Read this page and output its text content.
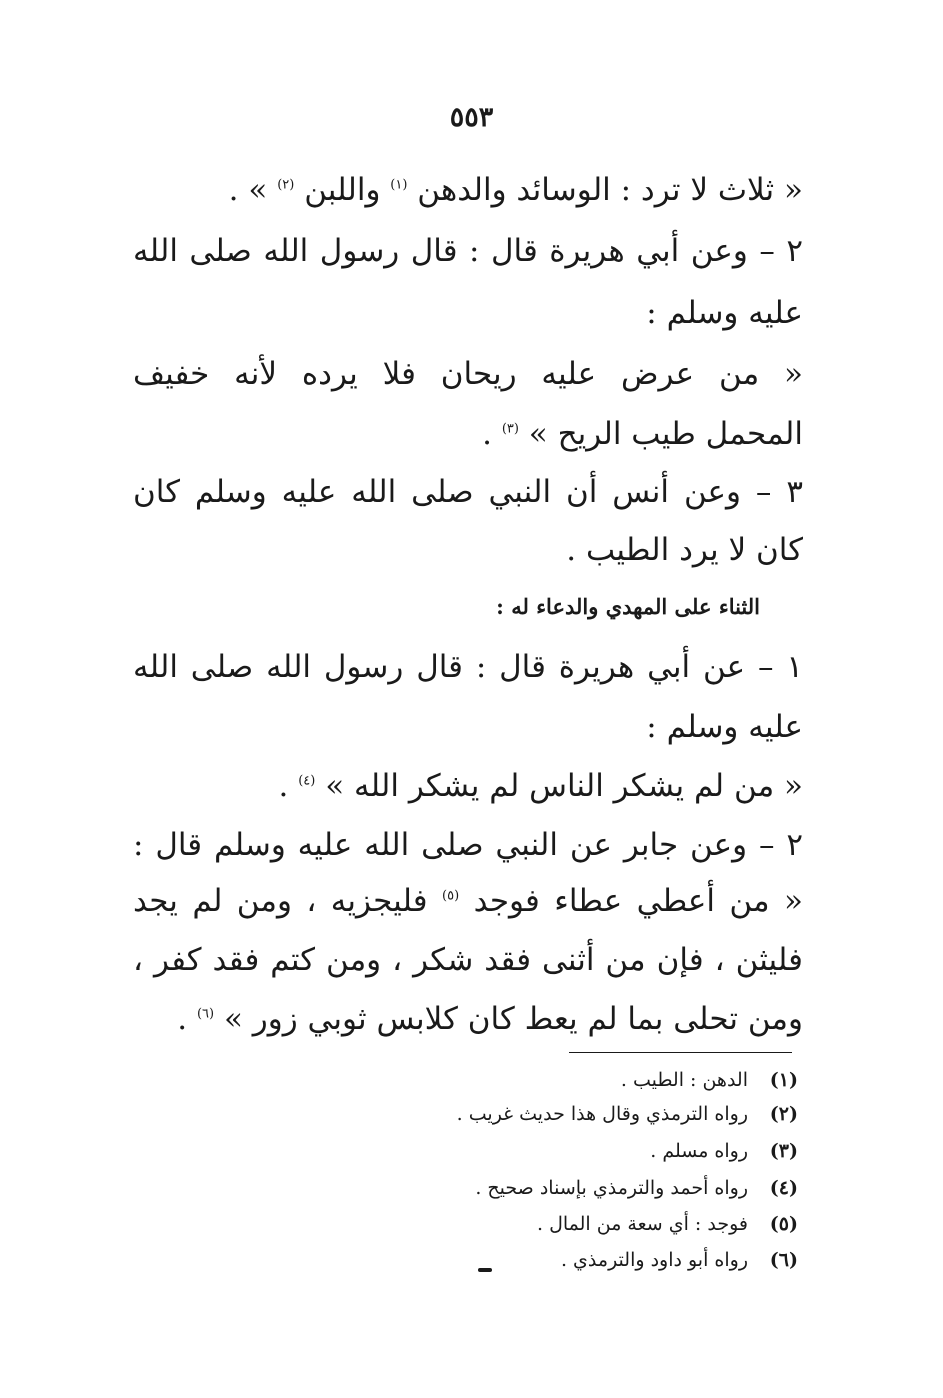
٥٥٣
« ثلاث لا ترد : الوسائد والدهن $^{(١)}$ واللبن $^{(٢)}$ » .
٢ – وعن أبي هريرة قال : قال رسول الله صلى الله
عليه وسلم :
« من عرض عليه ريحان فلا يرده لأنه خفيف
المحمل طيب الريح » $^{(٣)}$ .
٣ – وعن أنس أن النبي صلى الله عليه وسلم كان
كان لا يرد الطيب .
الثناء على المهدي والدعاء له :
١ – عن أبي هريرة قال : قال رسول الله صلى الله
عليه وسلم :
« من لم يشكر الناس لم يشكر الله » $^{(٤)}$ .
٢ – وعن جابر عن النبي صلى الله عليه وسلم قال :
« من أعطي عطاء فوجد $^{(٥)}$ فليجزيه ، ومن لم يجد
فليثن ، فإن من أثنى فقد شكر ، ومن كتم فقد كفر ،
ومن تحلى بما لم يعط كان كلابس ثوبي زور » $^{(٦)}$ .
(١)الدهن : الطيب .
(٢)رواه الترمذي وقال هذا حديث غريب .
(٣)رواه مسلم .
(٤)رواه أحمد والترمذي بإسناد صحيح .
(٥)فوجد : أي سعة من المال .
(٦)رواه أبو داود والترمذي .
